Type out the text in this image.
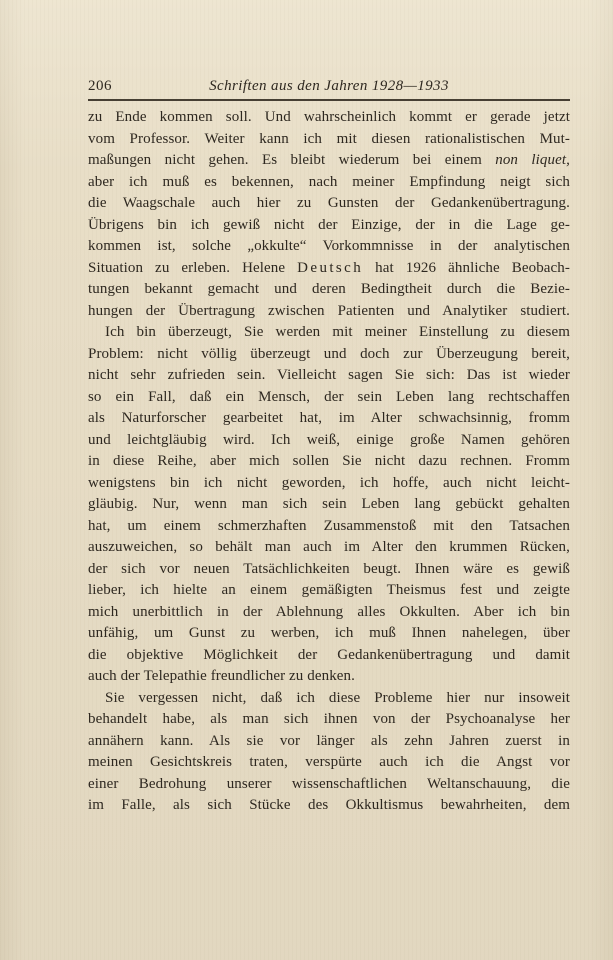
206	Schriften aus den Jahren 1928—1933
zu Ende kommen soll. Und wahrscheinlich kommt er gerade jetzt
vom Professor. Weiter kann ich mit diesen rationalistischen Mut-
maßungen nicht gehen. Es bleibt wiederum bei einem non liquet,
aber ich muß es bekennen, nach meiner Empfindung neigt sich
die Waagschale auch hier zu Gunsten der Gedankenübertragung.
Übrigens bin ich gewiß nicht der Einzige, der in die Lage ge-
kommen ist, solche „okkulte“ Vorkommnisse in der analytischen
Situation zu erleben. Helene Deutsch hat 1926 ähnliche Beobach-
tungen bekannt gemacht und deren Bedingtheit durch die Bezie-
hungen der Übertragung zwischen Patienten und Analytiker studiert.
Ich bin überzeugt, Sie werden mit meiner Einstellung zu diesem
Problem: nicht völlig überzeugt und doch zur Überzeugung bereit,
nicht sehr zufrieden sein. Vielleicht sagen Sie sich: Das ist wieder
so ein Fall, daß ein Mensch, der sein Leben lang rechtschaffen
als Naturforscher gearbeitet hat, im Alter schwachsinnig, fromm
und leichtgläubig wird. Ich weiß, einige große Namen gehören
in diese Reihe, aber mich sollen Sie nicht dazu rechnen. Fromm
wenigstens bin ich nicht geworden, ich hoffe, auch nicht leicht-
gläubig. Nur, wenn man sich sein Leben lang gebückt gehalten
hat, um einem schmerzhaften Zusammenstoß mit den Tatsachen
auszuweichen, so behält man auch im Alter den krummen Rücken,
der sich vor neuen Tatsächlichkeiten beugt. Ihnen wäre es gewiß
lieber, ich hielte an einem gemäßigten Theismus fest und zeigte
mich unerbittlich in der Ablehnung alles Okkulten. Aber ich bin
unfähig, um Gunst zu werben, ich muß Ihnen nahelegen, über
die objektive Möglichkeit der Gedankenübertragung und damit
auch der Telepathie freundlicher zu denken.
Sie vergessen nicht, daß ich diese Probleme hier nur insoweit
behandelt habe, als man sich ihnen von der Psychoanalyse her
annähern kann. Als sie vor länger als zehn Jahren zuerst in
meinen Gesichtskreis traten, verspürte auch ich die Angst vor
einer Bedrohung unserer wissenschaftlichen Weltanschauung, die
im Falle, als sich Stücke des Okkultismus bewahrheiten, dem
